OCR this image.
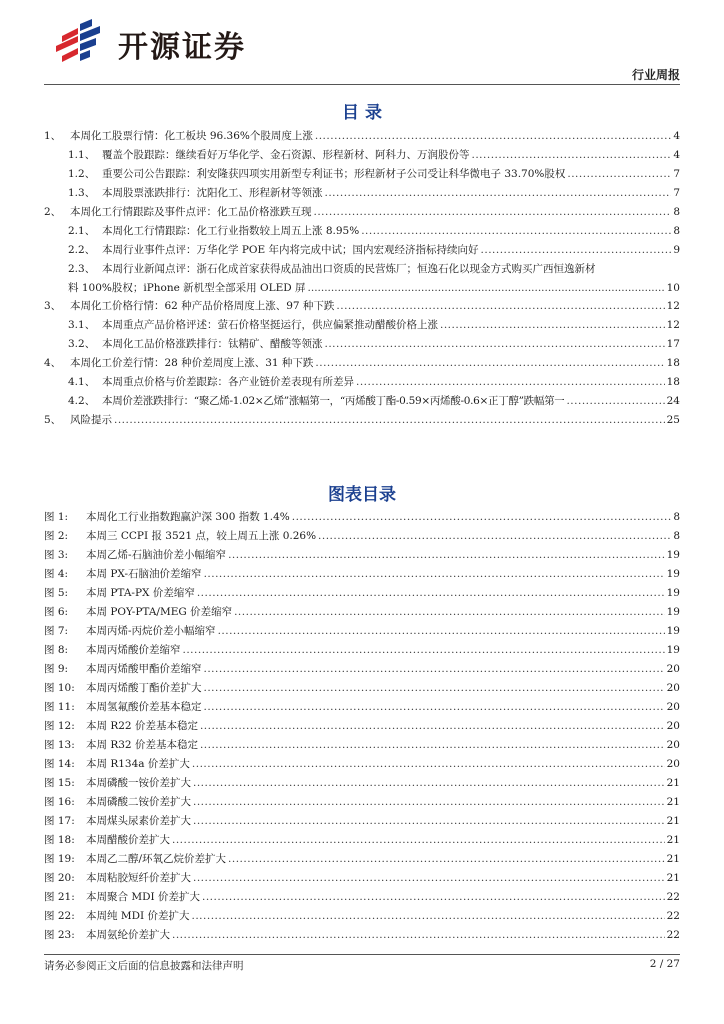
开源证券
行业周报
目 录
1、 本周化工股票行情：化工板块 96.36%个股周度上涨 .....	4
1.1、 覆盖个股跟踪：继续看好万华化学、金石资源、形程新材、阿科力、万润股份等 .....	4
1.2、 重要公司公告跟踪：利安隆获四项实用新型专利证书；形程新材子公司受让科华微电子 33.70%股权 .....	7
1.3、 本周股票涨跌排行：沈阳化工、形程新材等领涨 .....	7
2、 本周化工行情跟踪及事件点评：化工品价格涨跌互现 .....	8
2.1、 本周化工行情跟踪：化工行业指数较上周五上涨 8.95% .....	8
2.2、 本周行业事件点评：万华化学 POE 年内将完成中试；国内宏观经济指标持续向好 .....	9
2.3、 本周行业新闻点评：浙石化成首家获得成品油出口资质的民营炼厂；恒逸石化以现金方式购买广西恒逸新材
料 100%股权；iPhone 新机型全部采用 OLED 屏 .....	10
3、 本周化工价格行情：62 种产品价格周度上涨、97 种下跌 .....	12
3.1、 本周重点产品价格评述：萤石价格坚挺运行，供应偏紧推动醋酸价格上涨 .....	12
3.2、 本周化工品价格涨跌排行：钛精矿、醋酸等领涨 .....	17
4、 本周化工价差行情：28 种价差周度上涨、31 种下跌 .....	18
4.1、 本周重点价格与价差跟踪：各产业链价差表现有所差异 .....	18
4.2、 本周价差涨跌排行：“聚乙烯-1.02×乙烯”涨幅第一，“丙烯酸丁酯-0.59×丙烯酸-0.6×正丁醇”跌幅第一 .....	24
5、 风险提示 .....	25
图表目录
图 1:	本周化工行业指数跑赢沪深 300 指数 1.4% .....	8
图 2:	本周三 CCPI 报 3521 点，较上周五上涨 0.26% .....	8
图 3:	本周乙烯-石脑油价差小幅缩窄 .....	19
图 4:	本周 PX-石脑油价差缩窄 .....	19
图 5:	本周 PTA-PX 价差缩窄 .....	19
图 6:	本周 POY-PTA/MEG 价差缩窄 .....	19
图 7:	本周丙烯-丙烷价差小幅缩窄 .....	19
图 8:	本周丙烯酸价差缩窄 .....	19
图 9:	本周丙烯酸甲酯价差缩窄 .....	20
图 10:	本周丙烯酸丁酯价差扩大 .....	20
图 11:	本周氢氟酸价差基本稳定 .....	20
图 12:	本周 R22 价差基本稳定 .....	20
图 13:	本周 R32 价差基本稳定 .....	20
图 14:	本周 R134a 价差扩大 .....	20
图 15:	本周磷酸一铵价差扩大 .....	21
图 16:	本周磷酸二铵价差扩大 .....	21
图 17:	本周煤头尿素价差扩大 .....	21
图 18:	本周醋酸价差扩大 .....	21
图 19:	本周乙二醇/环氧乙烷价差扩大 .....	21
图 20:	本周粘胶短纤价差扩大 .....	21
图 21:	本周聚合 MDI 价差扩大 .....	22
图 22:	本周纯 MDI 价差扩大 .....	22
图 23:	本周氨纶价差扩大 .....	22
请务必参阅正文后面的信息披露和法律声明	2 / 27
